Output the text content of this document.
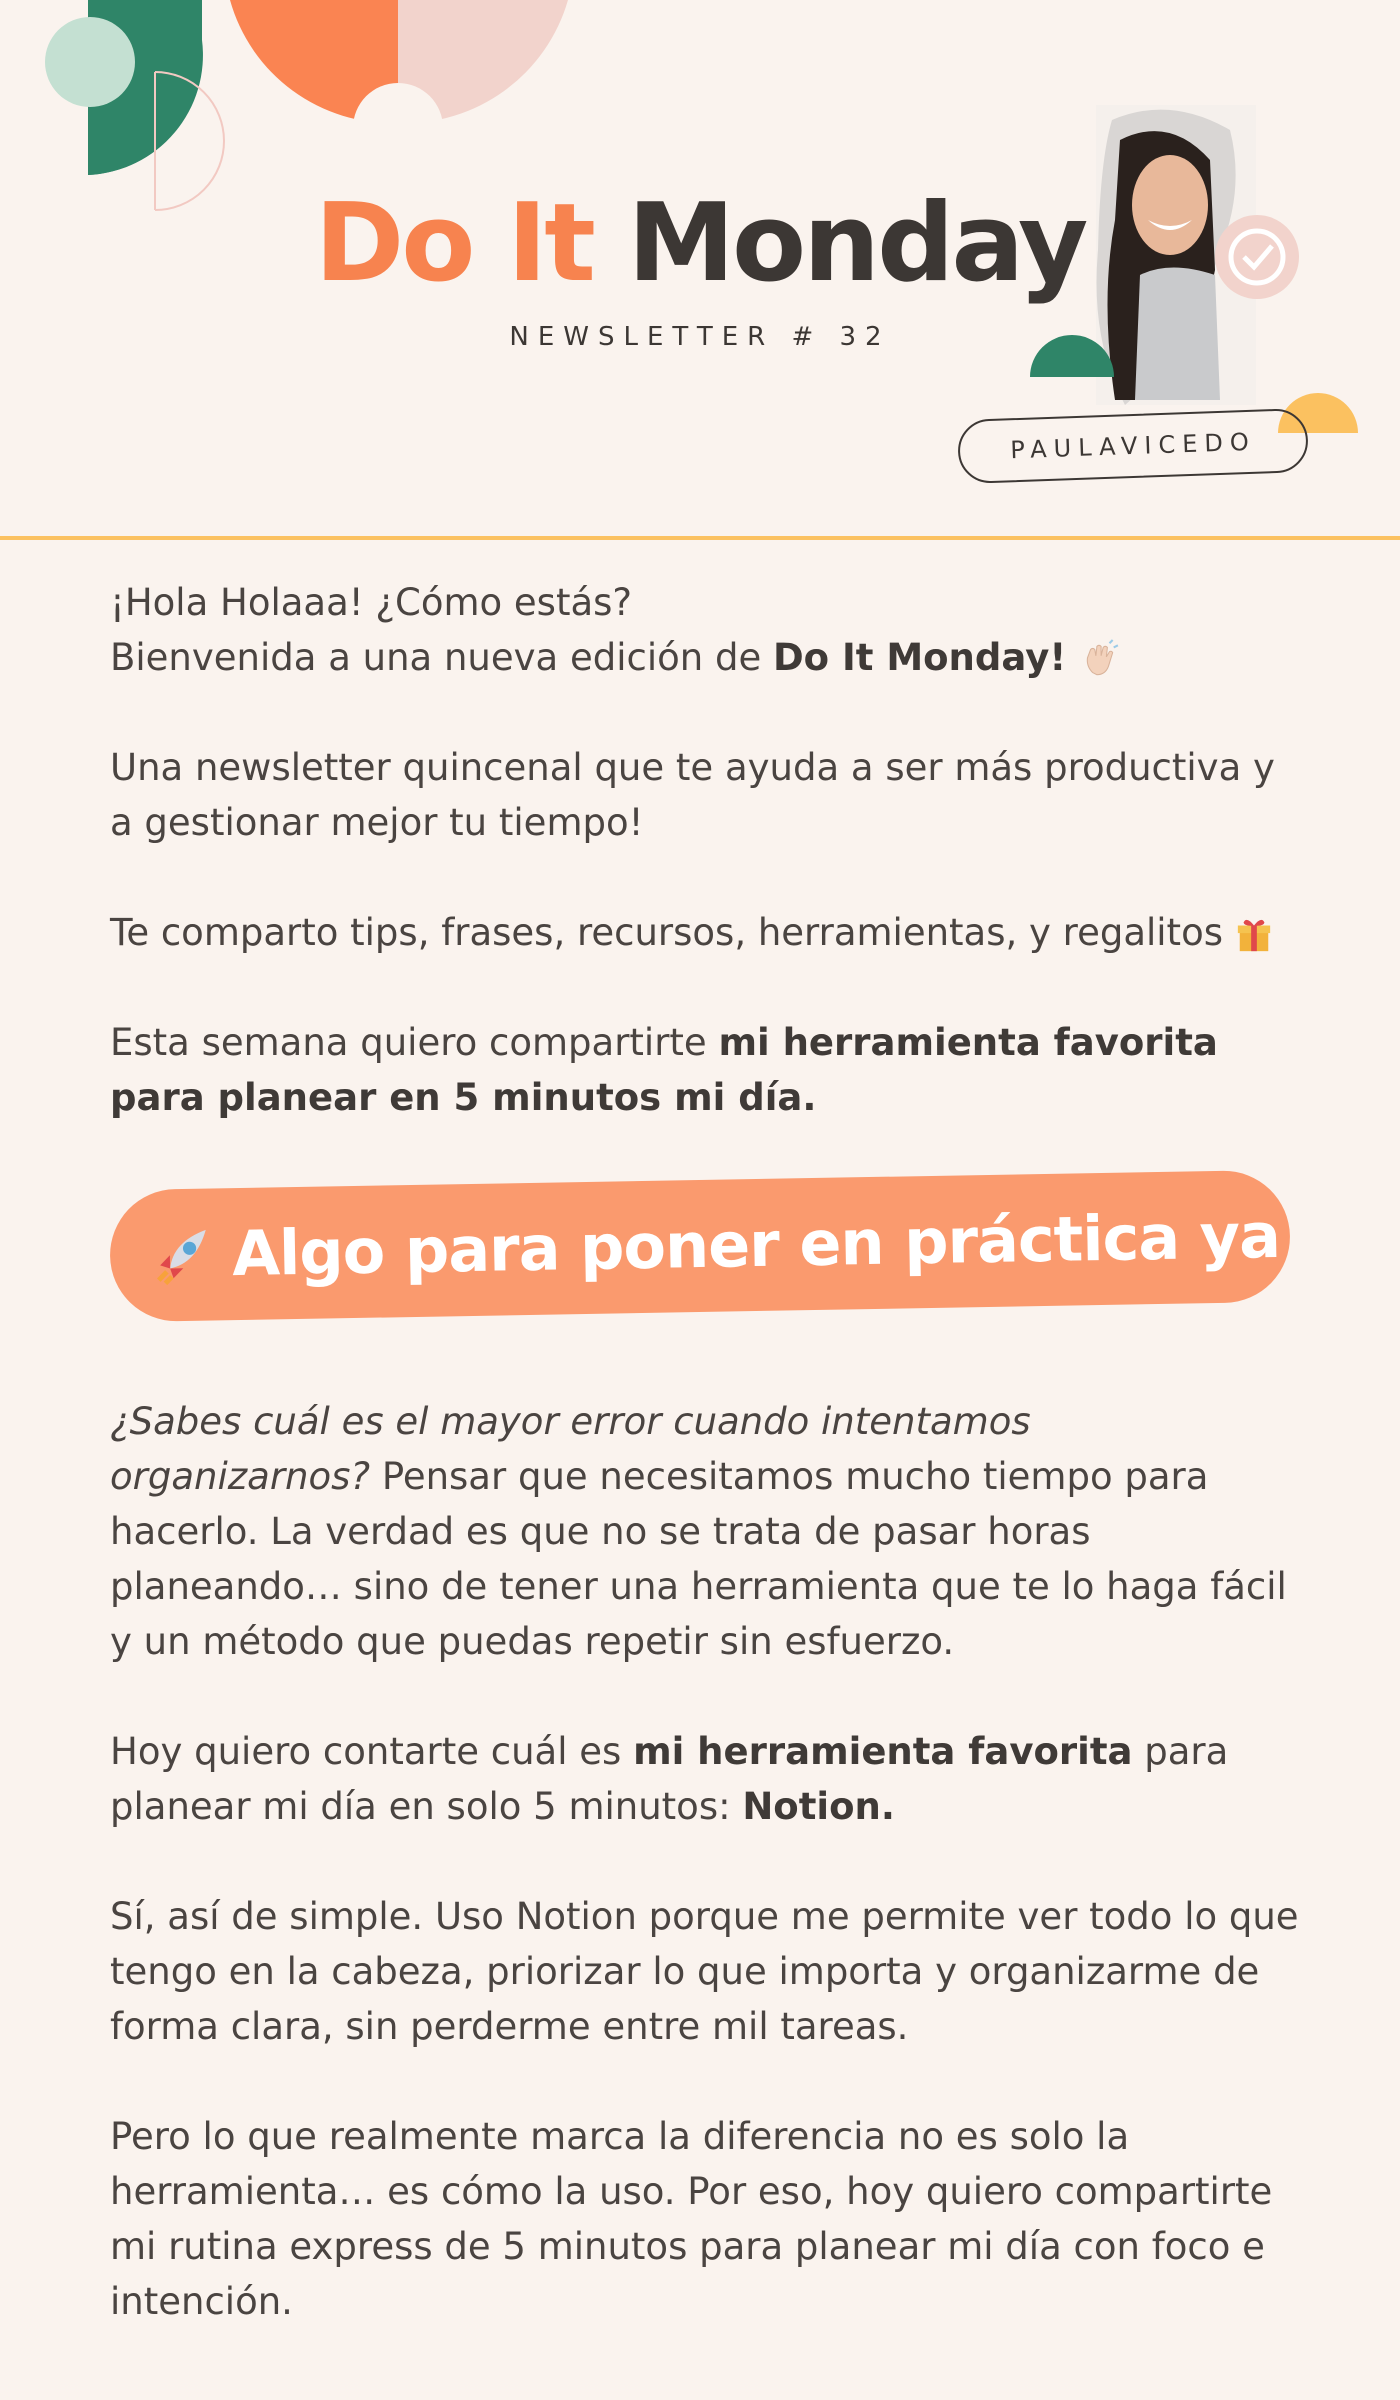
Do It Monday
NEWSLETTER # 32
PAULAVICEDO

¡Hola Holaaa! ¿Cómo estás?
Bienvenida a una nueva edición de Do It Monday!

Una newsletter quincenal que te ayuda a ser más productiva y a gestionar mejor tu tiempo!

Te comparto tips, frases, recursos, herramientas, y regalitos

Esta semana quiero compartirte mi herramienta favorita para planear en 5 minutos mi día.

Algo para poner en práctica ya

¿Sabes cuál es el mayor error cuando intentamos organizarnos? Pensar que necesitamos mucho tiempo para hacerlo. La verdad es que no se trata de pasar horas planeando… sino de tener una herramienta que te lo haga fácil y un método que puedas repetir sin esfuerzo.

Hoy quiero contarte cuál es mi herramienta favorita para planear mi día en solo 5 minutos: Notion.

Sí, así de simple. Uso Notion porque me permite ver todo lo que tengo en la cabeza, priorizar lo que importa y organizarme de forma clara, sin perderme entre mil tareas.

Pero lo que realmente marca la diferencia no es solo la herramienta… es cómo la uso. Por eso, hoy quiero compartirte mi rutina express de 5 minutos para planear mi día con foco e intención.
